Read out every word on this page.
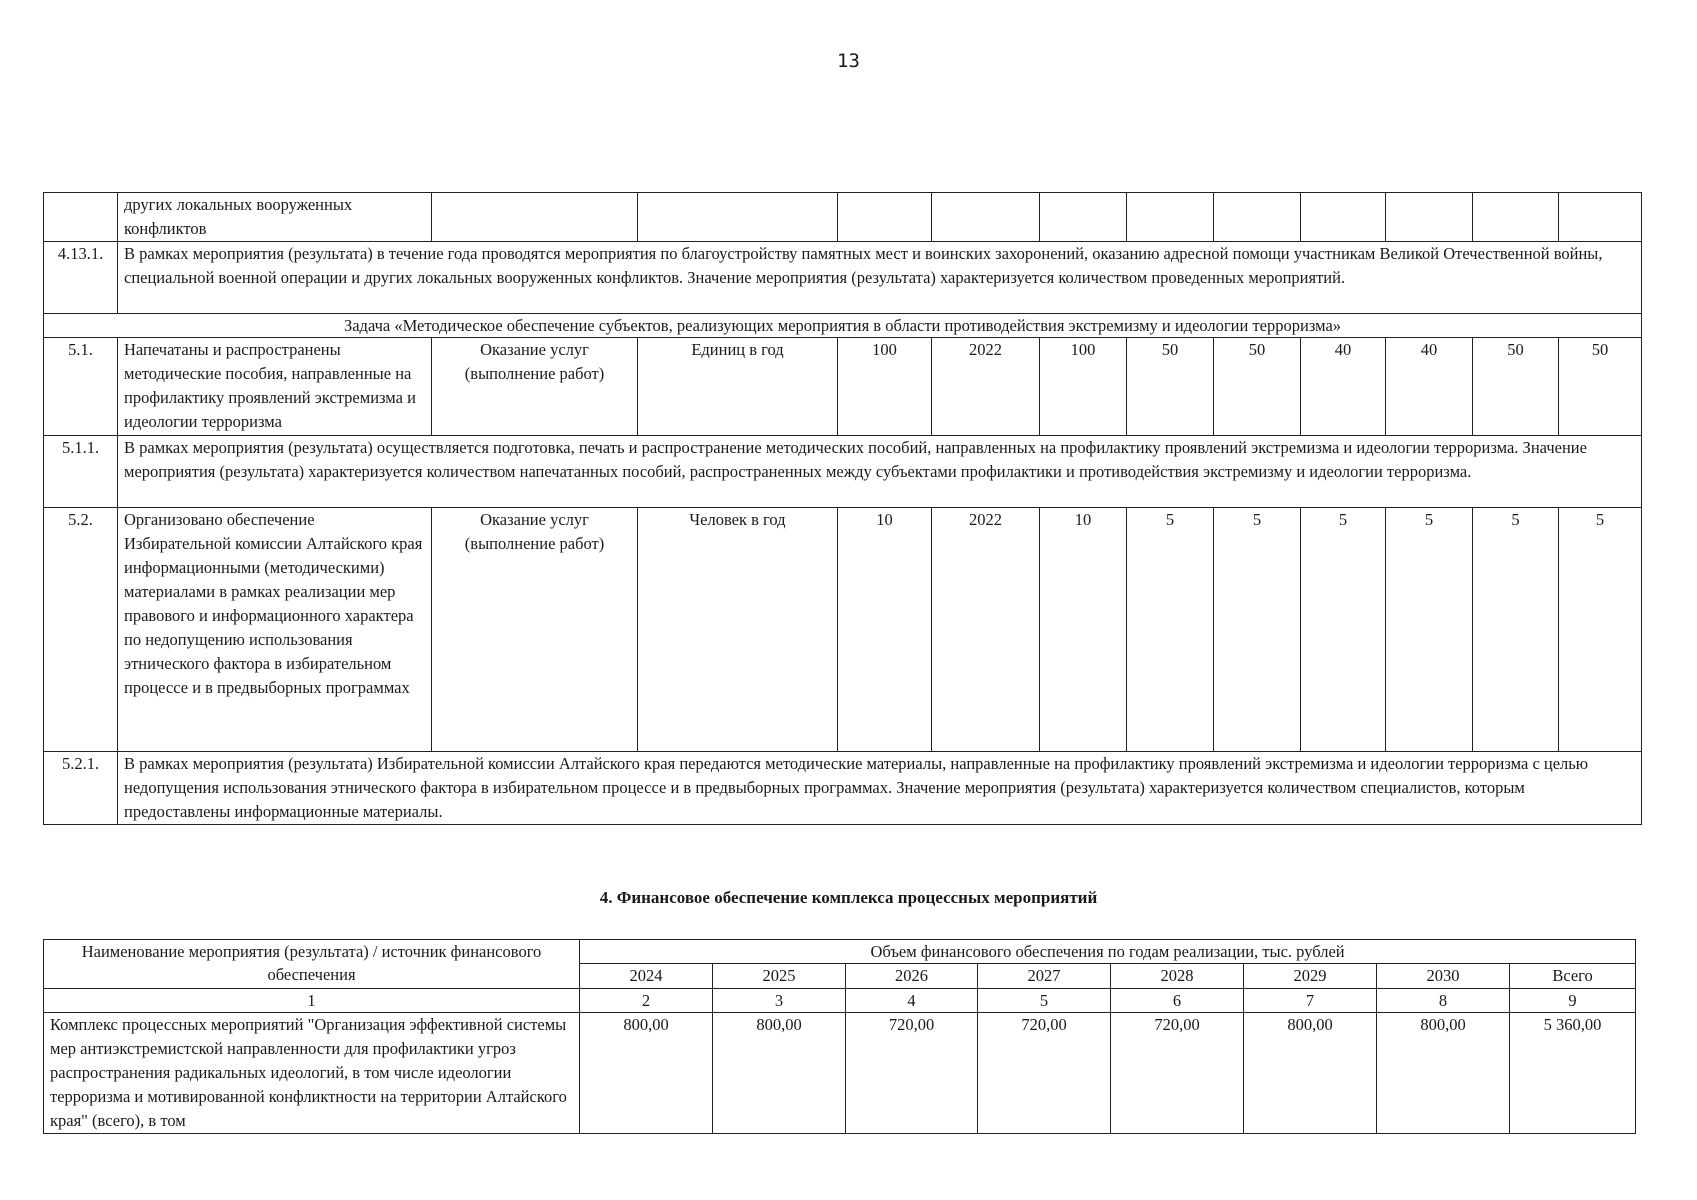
13
	других локальных вооруженных конфликтов											
4.13.1.	В рамках мероприятия (результата) в течение года проводятся мероприятия по благоустройству памятных мест и воинских захоронений, оказанию адресной помощи участникам Великой Отечественной войны, специальной военной операции и других локальных вооруженных конфликтов. Значение мероприятия (результата) характеризуется количеством проведенных мероприятий.											
Задача «Методическое обеспечение субъектов, реализующих мероприятия в области противодействия экстремизму и идеологии терроризма»												
5.1.	Напечатаны и распространены методические пособия, направленные на профилактику проявлений экстремизма и идеологии терроризма	Оказание услуг (выполнение работ)	Единиц в год	100	2022	100	50	50	40	40	50	50
5.1.1.	В рамках мероприятия (результата) осуществляется подготовка, печать и распространение методических пособий, направленных на профилактику проявлений экстремизма и идеологии терроризма. Значение мероприятия (результата) характеризуется количеством напечатанных пособий, распространенных между субъектами профилактики и противодействия экстремизму и идеологии терроризма.											
5.2.	Организовано обеспечение Избирательной комиссии Алтайского края информационными (методическими) материалами в рамках реализации мер правового и информационного характера по недопущению использования этнического фактора в избирательном процессе и в предвыборных программах	Оказание услуг (выполнение работ)	Человек в год	10	2022	10	5	5	5	5	5	5
5.2.1.	В рамках мероприятия (результата) Избирательной комиссии Алтайского края передаются методические материалы, направленные на профилактику проявлений экстремизма и идеологии терроризма с целью недопущения использования этнического фактора в избирательном процессе и в предвыборных программах. Значение мероприятия (результата) характеризуется количеством специалистов, которым предоставлены информационные материалы.											
4. Финансовое обеспечение комплекса процессных мероприятий
Наименование мероприятия (результата) / источник финансового обеспечения	Объем финансового обеспечения по годам реализации, тыс. рублей							
	2024	2025	2026	2027	2028	2029	2030	Всего
1	2	3	4	5	6	7	8	9
Комплекс процессных мероприятий "Организация эффективной системы мер антиэкстремистской направленности для профилактики угроз распространения радикальных идеологий, в том числе идеологии терроризма и мотивированной конфликтности на территории Алтайского края" (всего), в том	800,00	800,00	720,00	720,00	720,00	800,00	800,00	5 360,00
